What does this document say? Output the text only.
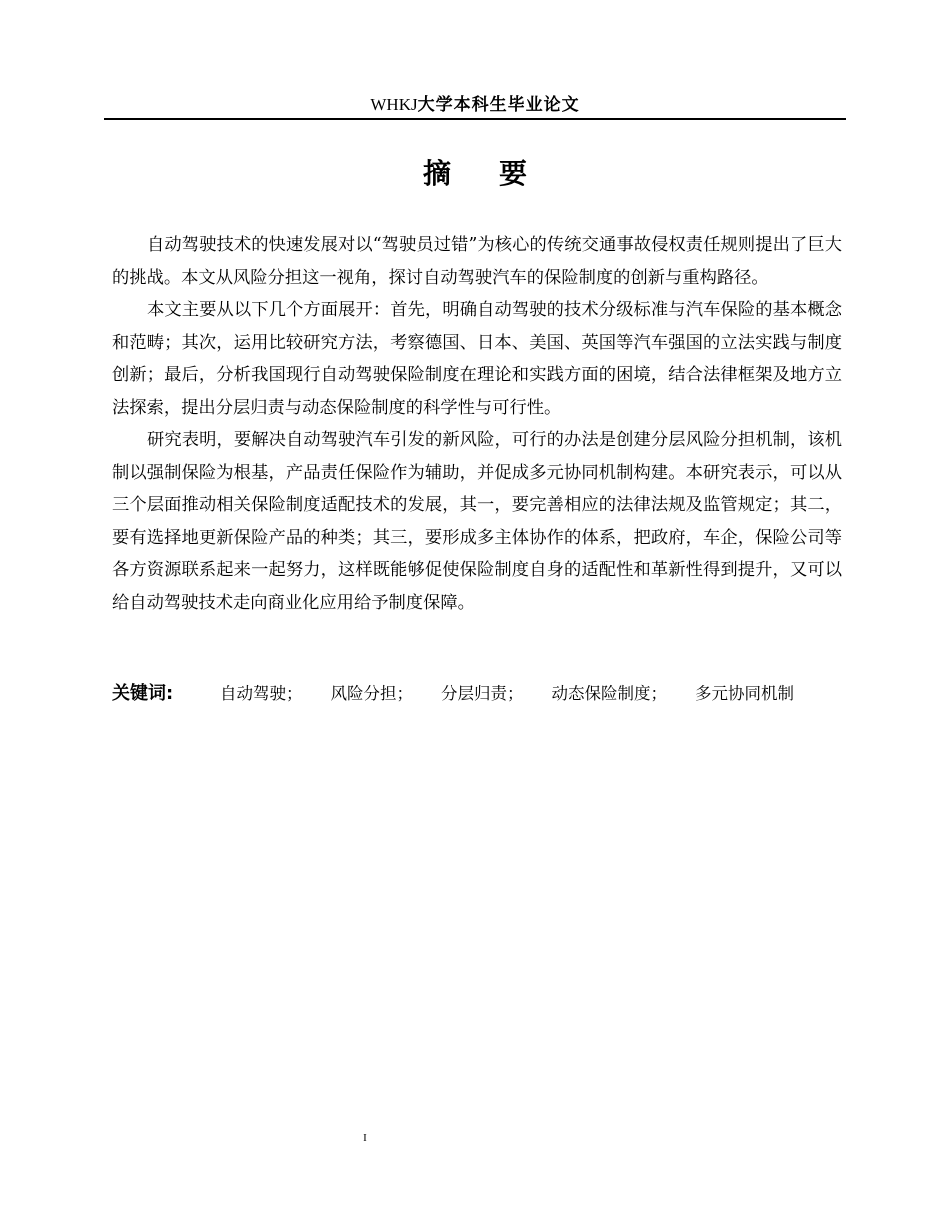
WHKJ大学本科生毕业论文
摘要

自动驾驶技术的快速发展对以“驾驶员过错”为核心的传统交通事故侵权责任规则提出了巨大的挑战。本文从风险分担这一视角，探讨自动驾驶汽车的保险制度的创新与重构路径。

本文主要从以下几个方面展开：首先，明确自动驾驶的技术分级标准与汽车保险的基本概念和范畴；其次，运用比较研究方法，考察德国、日本、美国、英国等汽车强国的立法实践与制度创新；最后，分析我国现行自动驾驶保险制度在理论和实践方面的困境，结合法律框架及地方立法探索，提出分层归责与动态保险制度的科学性与可行性。

研究表明，要解决自动驾驶汽车引发的新风险，可行的办法是创建分层风险分担机制，该机制以强制保险为根基，产品责任保险作为辅助，并促成多元协同机制构建。本研究表示，可以从三个层面推动相关保险制度适配技术的发展，其一，要完善相应的法律法规及监管规定；其二，要有选择地更新保险产品的种类；其三，要形成多主体协作的体系，把政府，车企，保险公司等各方资源联系起来一起努力，这样既能够促使保险制度自身的适配性和革新性得到提升，又可以给自动驾驶技术走向商业化应用给予制度保障。

关键词:	自动驾驶； 风险分担； 分层归责； 动态保险制度； 多元协同机制
I
